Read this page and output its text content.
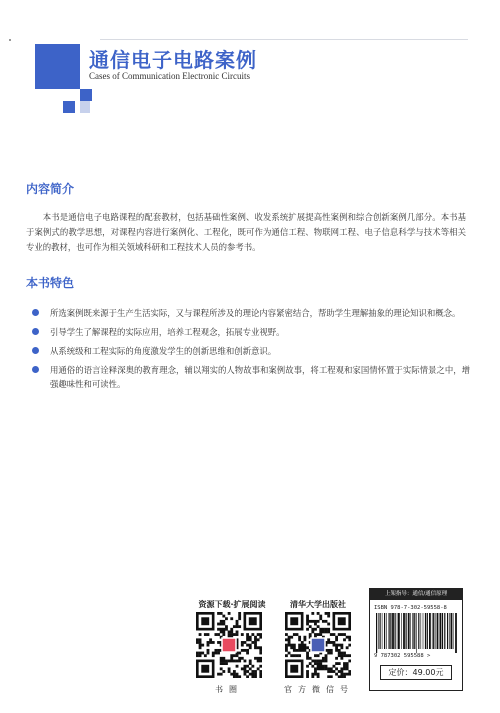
通信电子电路案例
Cases of Communication Electronic Circuits
内容简介
本书是通信电子电路课程的配套教材，包括基础性案例、收发系统扩展提高性案例和综合创新案例几部分。本书基于案例式的教学思想，对课程内容进行案例化、工程化，既可作为通信工程、物联网工程、电子信息科学与技术等相关专业的教材，也可作为相关领域科研和工程技术人员的参考书。
本书特色
所选案例既来源于生产生活实际，又与课程所涉及的理论内容紧密结合，帮助学生理解抽象的理论知识和概念。
引导学生了解课程的实际应用，培养工程观念，拓展专业视野。
从系统级和工程实际的角度激发学生的创新思维和创新意识。
用通俗的语言诠释深奥的教育理念，辅以翔实的人物故事和案例故事，将工程观和家国情怀置于实际情景之中，增强趣味性和可读性。
资源下载·扩展阅读
书圈
清华大学出版社
官方微信号
上架指导：通信/通信原理
ISBN 978-7-302-59558-8
9 787302 595588 >
定价：49.00元
